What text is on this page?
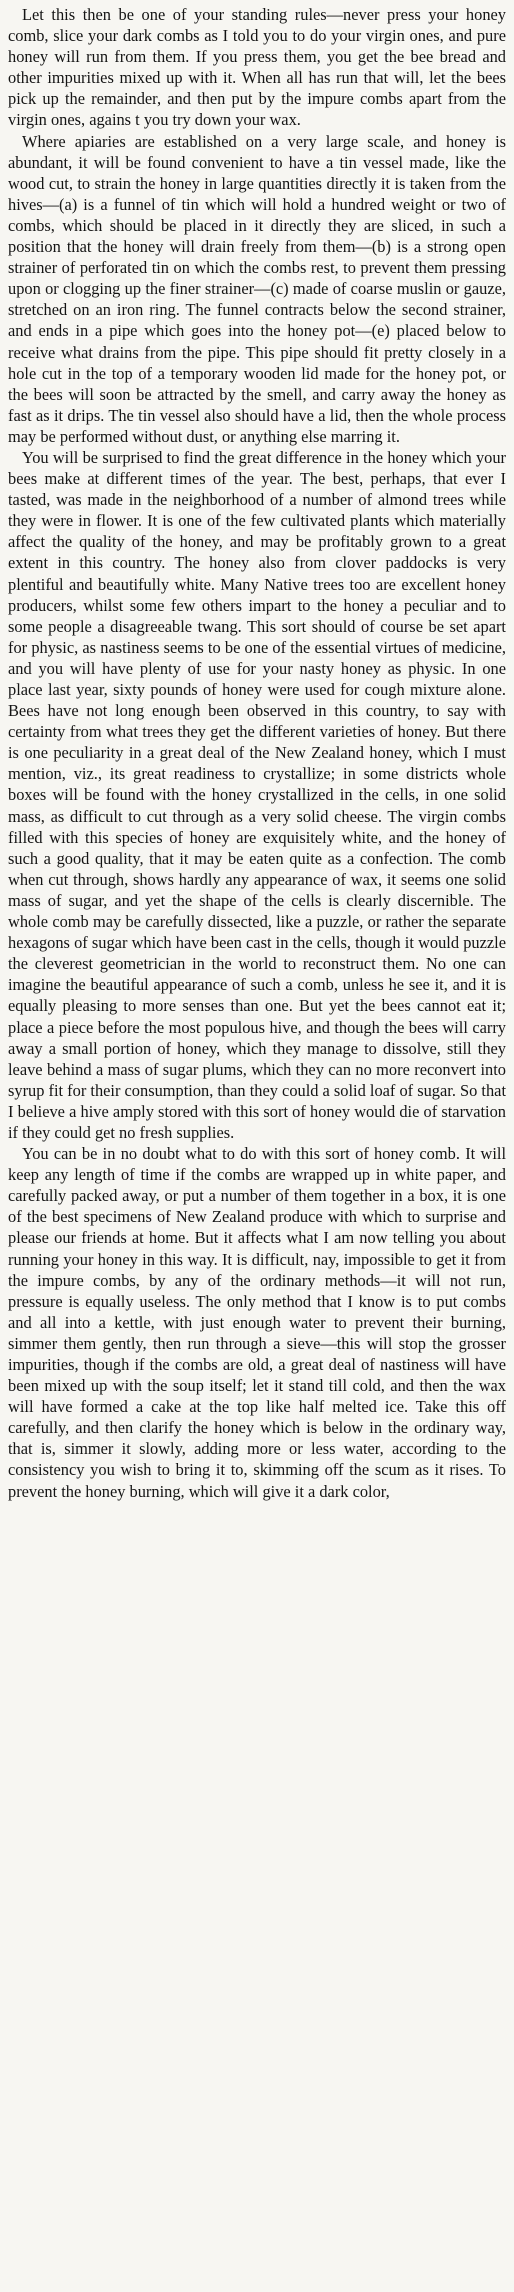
Let this then be one of your standing rules—never press your honey comb, slice your dark combs as I told you to do your virgin ones, and pure honey will run from them. If you press them, you get the bee bread and other impurities mixed up with it. When all has run that will, let the bees pick up the remainder, and then put by the impure combs apart from the virgin ones, agains t you try down your wax.

Where apiaries are established on a very large scale, and honey is abundant, it will be found convenient to have a tin vessel made, like the wood cut, to strain the honey in large quantities directly it is taken from the hives—(a) is a funnel of tin which will hold a hundred weight or two of combs, which should be placed in it directly they are sliced, in such a position that the honey will drain freely from them—(b) is a strong open strainer of perforated tin on which the combs rest, to prevent them pressing upon or clogging up the finer strainer—(c) made of coarse muslin or gauze, stretched on an iron ring. The funnel contracts below the second strainer, and ends in a pipe which goes into the honey pot—(e) placed below to receive what drains from the pipe. This pipe should fit pretty closely in a hole cut in the top of a temporary wooden lid made for the honey pot, or the bees will soon be attracted by the smell, and carry away the honey as fast as it drips. The tin vessel also should have a lid, then the whole process may be performed without dust, or anything else marring it.

You will be surprised to find the great difference in the honey which your bees make at different times of the year. The best, perhaps, that ever I tasted, was made in the neighborhood of a number of almond trees while they were in flower. It is one of the few cultivated plants which materially affect the quality of the honey, and may be profitably grown to a great extent in this country. The honey also from clover paddocks is very plentiful and beautifully white. Many Native trees too are excellent honey producers, whilst some few others impart to the honey a peculiar and to some people a disagreeable twang. This sort should of course be set apart for physic, as nastiness seems to be one of the essential virtues of medicine, and you will have plenty of use for your nasty honey as physic. In one place last year, sixty pounds of honey were used for cough mixture alone. Bees have not long enough been observed in this country, to say with certainty from what trees they get the different varieties of honey. But there is one peculiarity in a great deal of the New Zealand honey, which I must mention, viz., its great readiness to crystallize; in some districts whole boxes will be found with the honey crystallized in the cells, in one solid mass, as difficult to cut through as a very solid cheese. The virgin combs filled with this species of honey are exquisitely white, and the honey of such a good quality, that it may be eaten quite as a confection. The comb when cut through, shows hardly any appearance of wax, it seems one solid mass of sugar, and yet the shape of the cells is clearly discernible. The whole comb may be carefully dissected, like a puzzle, or rather the separate hexagons of sugar which have been cast in the cells, though it would puzzle the cleverest geometrician in the world to reconstruct them. No one can imagine the beautiful appearance of such a comb, unless he see it, and it is equally pleasing to more senses than one. But yet the bees cannot eat it; place a piece before the most populous hive, and though the bees will carry away a small portion of honey, which they manage to dissolve, still they leave behind a mass of sugar plums, which they can no more reconvert into syrup fit for their consumption, than they could a solid loaf of sugar. So that I believe a hive amply stored with this sort of honey would die of starvation if they could get no fresh supplies.

You can be in no doubt what to do with this sort of honey comb. It will keep any length of time if the combs are wrapped up in white paper, and carefully packed away, or put a number of them together in a box, it is one of the best specimens of New Zealand produce with which to surprise and please our friends at home. But it affects what I am now telling you about running your honey in this way. It is difficult, nay, impossible to get it from the impure combs, by any of the ordinary methods—it will not run, pressure is equally useless. The only method that I know is to put combs and all into a kettle, with just enough water to prevent their burning, simmer them gently, then run through a sieve—this will stop the grosser impurities, though if the combs are old, a great deal of nastiness will have been mixed up with the soup itself; let it stand till cold, and then the wax will have formed a cake at the top like half melted ice. Take this off carefully, and then clarify the honey which is below in the ordinary way, that is, simmer it slowly, adding more or less water, according to the consistency you wish to bring it to, skimming off the scum as it rises. To prevent the honey burning, which will give it a dark color,
